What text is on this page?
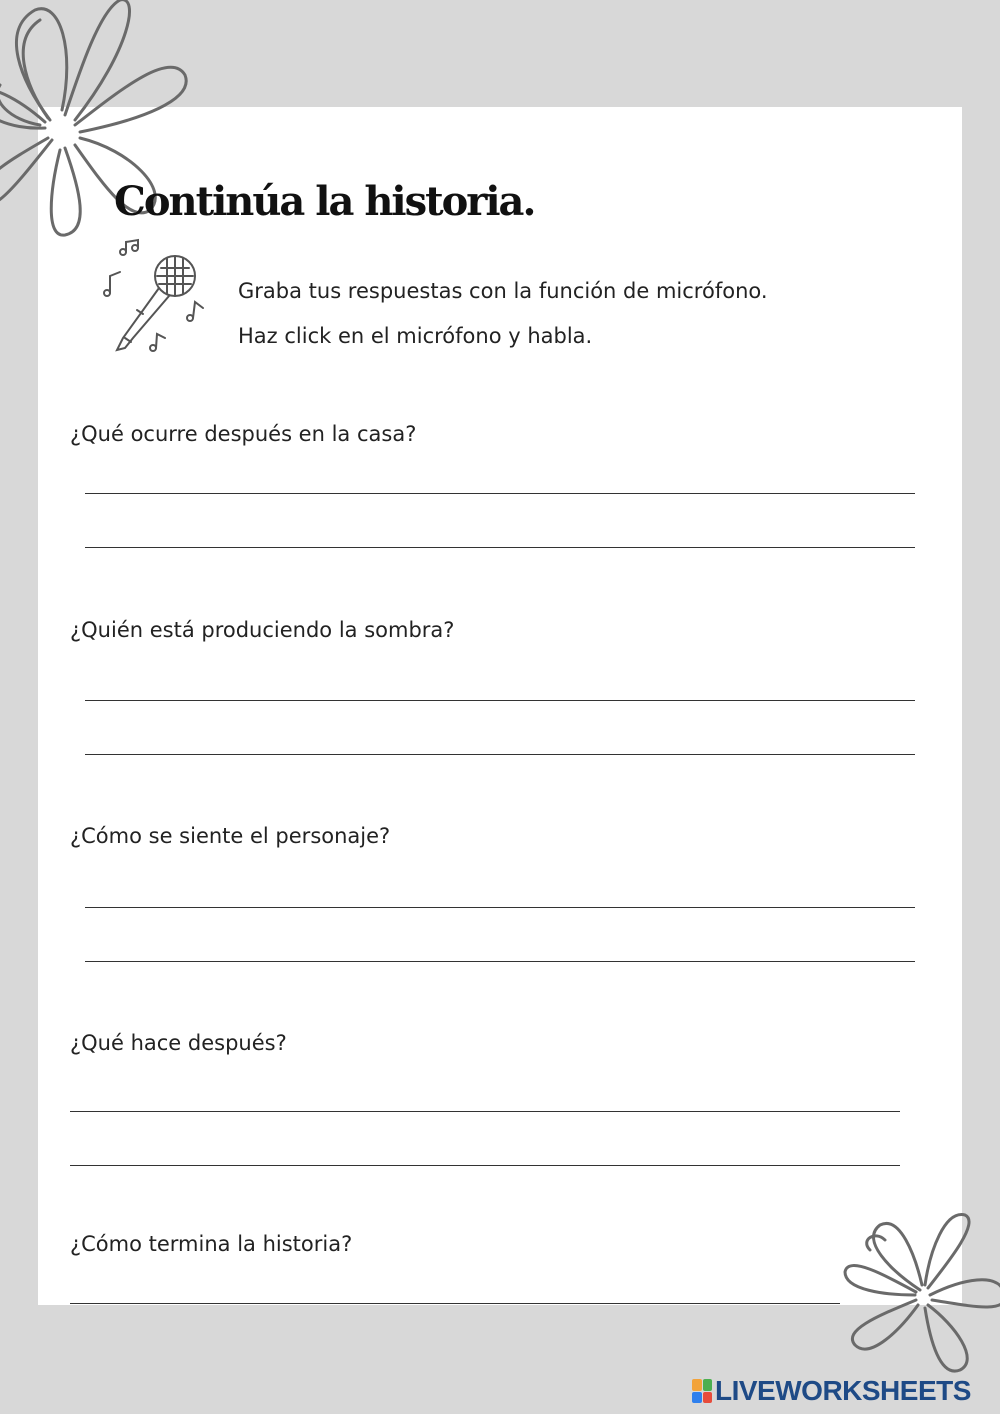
Continúa la historia.

Graba tus respuestas con la función de micrófono.

Haz click en el micrófono y habla.

¿Qué ocurre después en la casa?

¿Quién está produciendo la sombra?

¿Cómo se siente el personaje?

¿Qué hace después?

¿Cómo termina la historia?

LIVEWORKSHEETS
